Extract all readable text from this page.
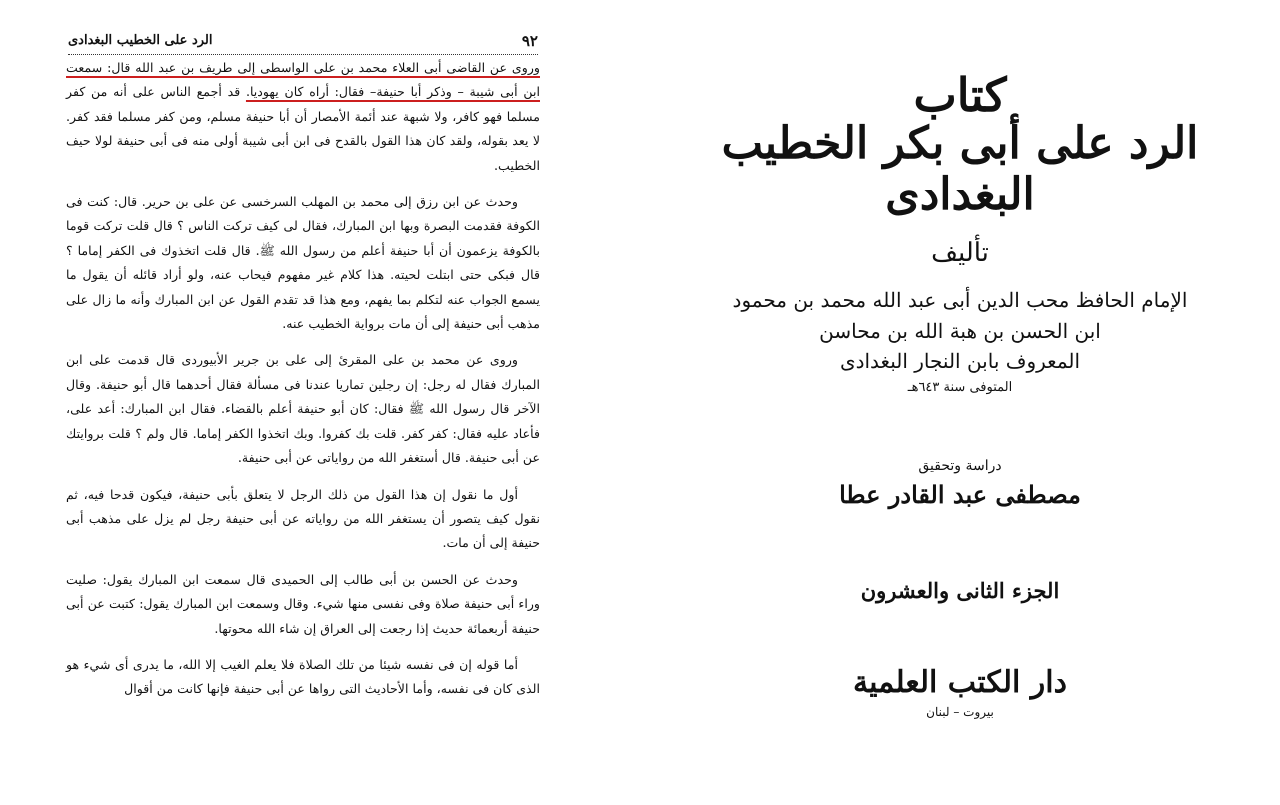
٩٢
الرد على الخطيب البغدادى

وروى عن القاضى أبى العلاء محمد بن على الواسطى إلى طريف بن عبد الله قال: سمعت ابن أبى شيبة – وذكر أبا حنيفة– فقال: أراه كان يهوديا. قد أجمع الناس على أنه من كفر مسلما فهو كافر، ولا شبهة عند أئمة الأمصار أن أبا حنيفة مسلم، ومن كفر مسلما فقد كفر. لا يعد بقوله، ولقد كان هذا القول بالقدح فى ابن أبى شيبة أولى منه فى أبى حنيفة لولا حيف الخطيب.

وحدث عن ابن رزق إلى محمد بن المهلب السرخسى عن على بن حرير. قال: كنت فى الكوفة فقدمت البصرة وبها ابن المبارك، فقال لى كيف تركت الناس ؟ قال قلت تركت قوما بالكوفة يزعمون أن أبا حنيفة أعلم من رسول الله ﷺ. قال قلت اتخذوك فى الكفر إماما ؟ قال فبكى حتى ابتلت لحيته. هذا كلام غير مفهوم فيحاب عنه، ولو أراد قائله أن يقول ما يسمع الجواب عنه لتكلم بما يفهم، ومع هذا قد تقدم القول عن ابن المبارك وأنه ما زال على مذهب أبى حنيفة إلى أن مات برواية الخطيب عنه.

وروى عن محمد بن على المقرئ إلى على بن جرير الأبيوردى قال قدمت على ابن المبارك فقال له رجل: إن رجلين تماريا عندنا فى مسألة فقال أحدهما قال أبو حنيفة. وقال الآخر قال رسول الله ﷺ فقال: كان أبو حنيفة أعلم بالقضاء. فقال ابن المبارك: أعد على، فأعاد عليه فقال: كفر كفر. قلت بك كفروا. وبك اتخذوا الكفر إماما. قال ولم ؟ قلت بروايتك عن أبى حنيفة. قال أستغفر الله من رواياتى عن أبى حنيفة.

أول ما نقول إن هذا القول من ذلك الرجل لا يتعلق بأبى حنيفة، فيكون قدحا فيه، ثم نقول كيف يتصور أن يستغفر الله من رواياته عن أبى حنيفة رجل لم يزل على مذهب أبى حنيفة إلى أن مات.

وحدث عن الحسن بن أبى طالب إلى الحميدى قال سمعت ابن المبارك يقول: صليت وراء أبى حنيفة صلاة وفى نفسى منها شيء. وقال وسمعت ابن المبارك يقول: كتبت عن أبى حنيفة أربعمائة حديث إذا رجعت إلى العراق إن شاء الله محوتها.

أما قوله إن فى نفسه شيئا من تلك الصلاة فلا يعلم الغيب إلا الله، ما يدرى أى شيء هو الذى كان فى نفسه، وأما الأحاديث التى رواها عن أبى حنيفة فإنها كانت من أقوال

كتاب
الرد على أبى بكر الخطيب البغدادى
تأليف
الإمام الحافظ محب الدين أبى عبد الله محمد بن محمود
ابن الحسن بن هبة الله بن محاسن
المعروف بابن النجار البغدادى
المتوفى سنة ٦٤٣هـ
دراسة وتحقيق
مصطفى عبد القادر عطا
الجزء الثانى والعشرون
دار الكتب العلمية
بيروت – لبنان
